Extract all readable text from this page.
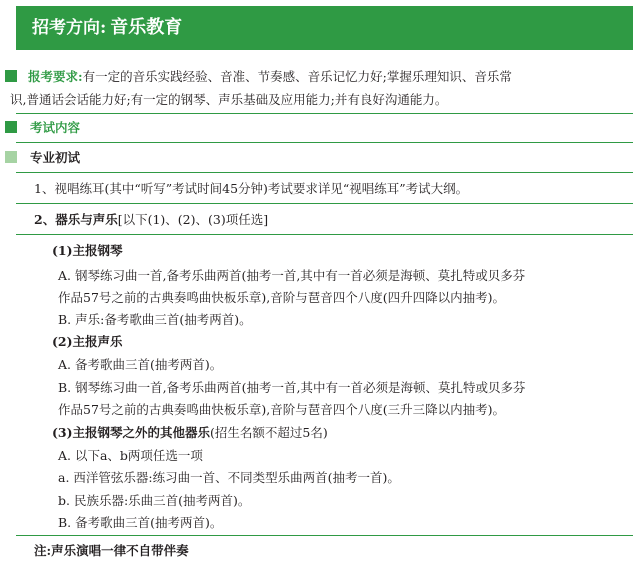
招考方向: 音乐教育
报考要求:有一定的音乐实践经验、音准、节奏感、音乐记忆力好;掌握乐理知识、音乐常
识,普通话会话能力好;有一定的钢琴、声乐基础及应用能力;并有良好沟通能力。
考试内容
专业初试
1、视唱练耳(其中“听写”考试时间45分钟)考试要求详见“视唱练耳”考试大纲。
2、器乐与声乐[以下(1)、(2)、(3)项任选]
(1)主报钢琴
A. 钢琴练习曲一首,备考乐曲两首(抽考一首,其中有一首必须是海顿、莫扎特或贝多芬
作品57号之前的古典奏鸣曲快板乐章),音阶与琶音四个八度(四升四降以内抽考)。
B. 声乐:备考歌曲三首(抽考两首)。
(2)主报声乐
A. 备考歌曲三首(抽考两首)。
B. 钢琴练习曲一首,备考乐曲两首(抽考一首,其中有一首必须是海顿、莫扎特或贝多芬
作品57号之前的古典奏鸣曲快板乐章),音阶与琶音四个八度(三升三降以内抽考)。
(3)主报钢琴之外的其他器乐(招生名额不超过5名)
A. 以下a、b两项任选一项
a. 西洋管弦乐器:练习曲一首、不同类型乐曲两首(抽考一首)。
b. 民族乐器:乐曲三首(抽考两首)。
B. 备考歌曲三首(抽考两首)。
注:声乐演唱一律不自带伴奏
